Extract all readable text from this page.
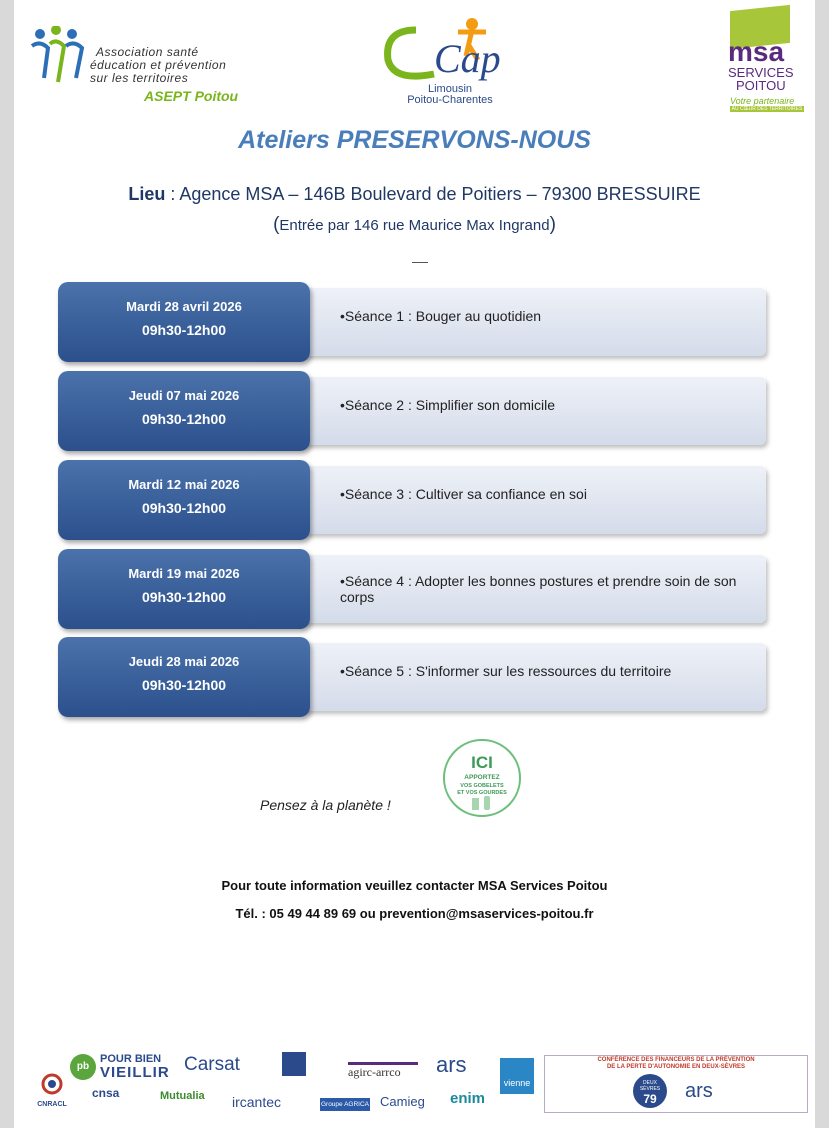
Association santé
éducation et prévention
sur les territoires
ASEPT Poitou
Cap
Limousin
Poitou-Charentes
msa
SERVICES
POITOU
Votre partenaire
AU CŒUR DES TERRITOIRES
Ateliers PRESERVONS-NOUS
Lieu : Agence MSA – 146B Boulevard de Poitiers – 79300 BRESSUIRE
(Entrée par 146 rue Maurice Max Ingrand)
Mardi 28 avril 2026
09h30-12h00
•Séance 1 : Bouger au quotidien
Jeudi 07 mai 2026
09h30-12h00
•Séance 2 : Simplifier son domicile
Mardi 12 mai 2026
09h30-12h00
•Séance 3 : Cultiver sa confiance en soi
Mardi 19 mai 2026
09h30-12h00
•Séance 4 : Adopter les bonnes postures et prendre soin de son corps
Jeudi 28 mai 2026
09h30-12h00
•Séance 5 : S'informer sur les ressources du territoire
ICI
APPORTEZ
VOS GOBELETS
ET VOS GOURDES
Pensez à la planète !
Pour toute information veuillez contacter MSA Services Poitou
Tél. : 05 49 44 89 69 ou prevention@msaservices-poitou.fr
CNRACL
pb
POUR BIEN
VIEILLIR
cnsa
Carsat
Mutualia ircantec
agirc-arrco
Groupe AGRICA
ars
Camieg enim
vienne
CONFÉRENCE DES FINANCEURS DE LA PRÉVENTION
DE LA PERTE D'AUTONOMIE EN DEUX-SÈVRES
DEUX SÈVRES
79	ars
